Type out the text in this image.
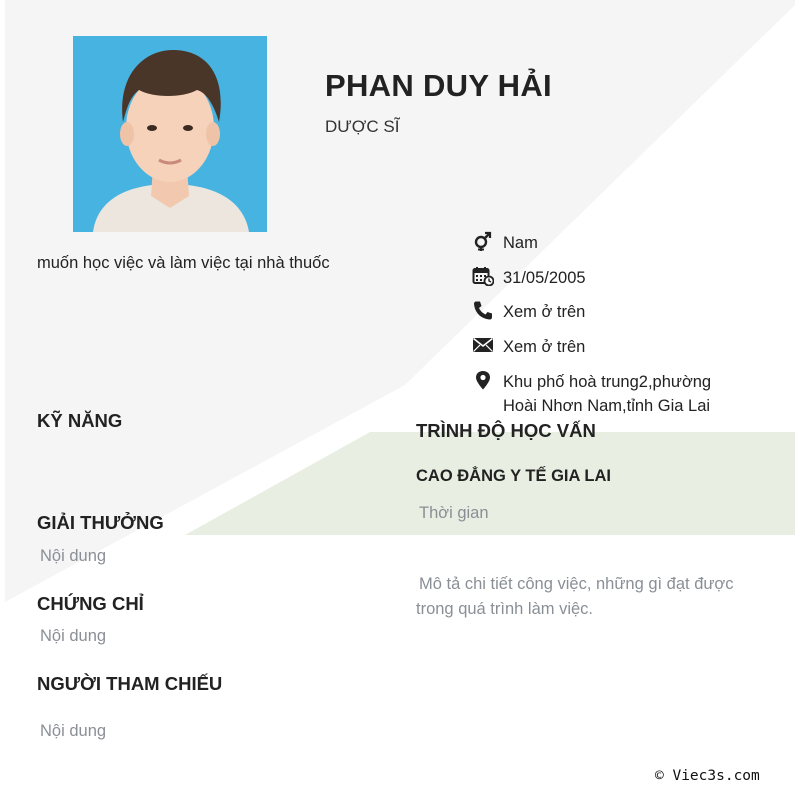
PHAN DUY HẢI
DƯỢC SĨ
muốn học việc và làm việc tại nhà thuốc
Nam
31/05/2005
Xem ở trên
Xem ở trên
Khu phố hoà trung2,phường
Hoài Nhơn Nam,tỉnh Gia Lai
KỸ NĂNG
GIẢI THƯỞNG
Nội dung
CHỨNG CHỈ
Nội dung
NGƯỜI THAM CHIẾU
Nội dung
TRÌNH ĐỘ HỌC VẤN
CAO ĐẲNG Y TẾ GIA LAI
Thời gian
Mô tả chi tiết công việc, những gì đạt được trong quá trình làm việc.
© Viec3s.com
